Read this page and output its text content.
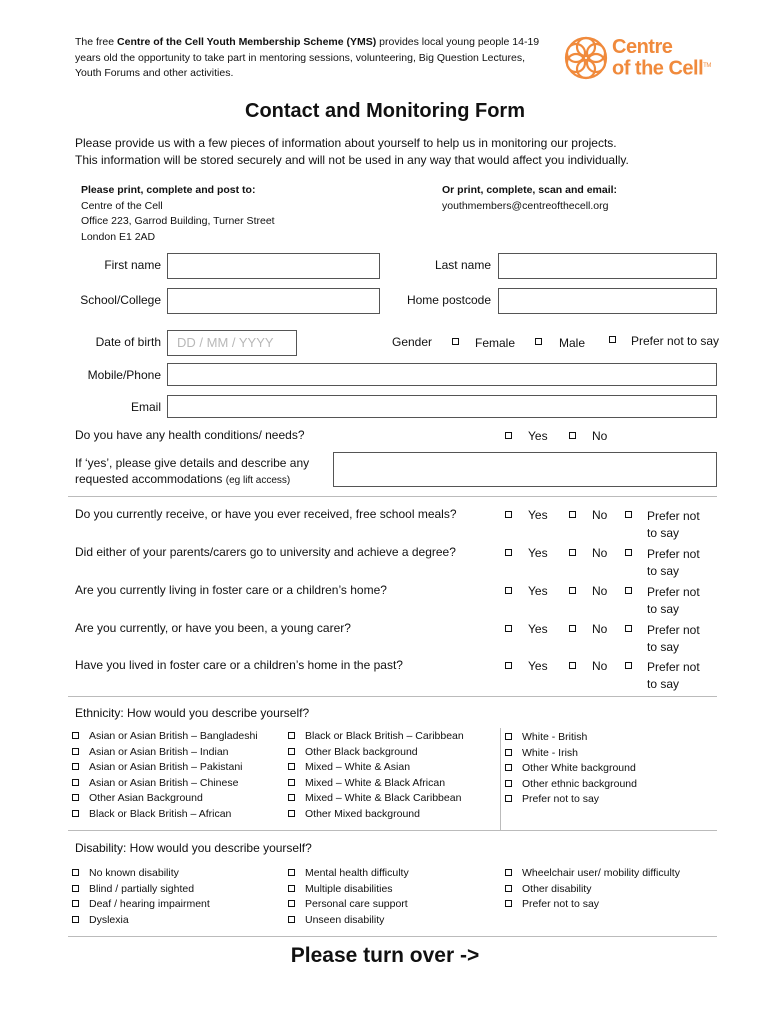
The free Centre of the Cell Youth Membership Scheme (YMS) provides local young people 14-19 years old the opportunity to take part in mentoring sessions, volunteering, Big Question Lectures, Youth Forums and other activities.
Centre
of the Cell™
Contact and Monitoring Form
Please provide us with a few pieces of information about yourself to help us in monitoring our projects.
This information will be stored securely and will not be used in any way that would affect you individually.
Please print, complete and post to:
Centre of the Cell
Office 223, Garrod Building, Turner Street
London E1 2AD
Or print, complete, scan and email:
youthmembers@centreofthecell.org
First name	Last name
School/College	Home postcode
Date of birth	DD / MM / YYYY	Gender	Female	Male	Prefer not to say
Mobile/Phone
Email
Do you have any health conditions/ needs?	Yes	No
If ‘yes’, please give details and describe any
requested accommodations (eg lift access)
Do you currently receive, or have you ever received, free school meals?	Yes	No	Prefer not
to say
Did either of your parents/carers go to university and achieve a degree?	Yes	No	Prefer not
to say
Are you currently living in foster care or a children’s home?	Yes	No	Prefer not
to say
Are you currently, or have you been, a young carer?	Yes	No	Prefer not
to say
Have you lived in foster care or a children’s home in the past?	Yes	No	Prefer not
to say
Ethnicity: How would you describe yourself?
Asian or Asian British – Bangladeshi
Asian or Asian British – Indian
Asian or Asian British – Pakistani
Asian or Asian British – Chinese
Other Asian Background
Black or Black British – African
Black or Black British – Caribbean
Other Black background
Mixed – White & Asian
Mixed – White & Black African
Mixed – White & Black Caribbean
Other Mixed background
White - British
White - Irish
Other White background
Other ethnic background
Prefer not to say
Disability: How would you describe yourself?
No known disability
Blind / partially sighted
Deaf / hearing impairment
Dyslexia
Mental health difficulty
Multiple disabilities
Personal care support
Unseen disability
Wheelchair user/ mobility difficulty
Other disability
Prefer not to say
Please turn over ->
